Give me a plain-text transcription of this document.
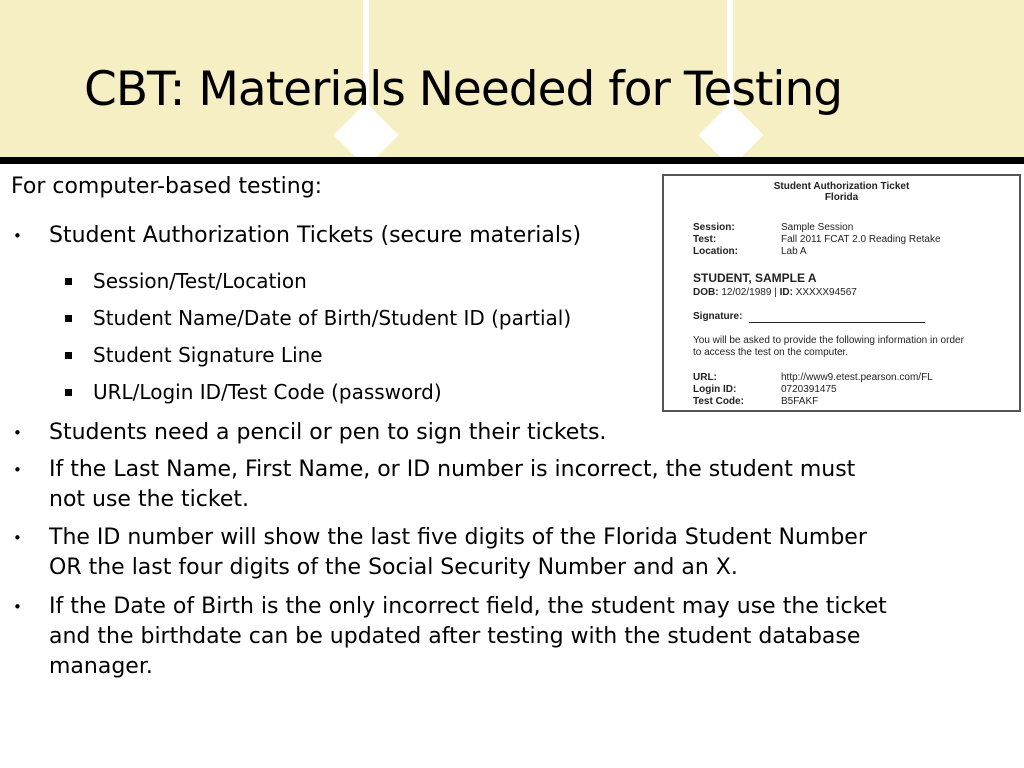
CBT: Materials Needed for Testing
For computer-based testing:
• Student Authorization Tickets (secure materials)
Session/Test/Location
Student Name/Date of Birth/Student ID (partial)
Student Signature Line
URL/Login ID/Test Code (password)
• Students need a pencil or pen to sign their tickets.
• If the Last Name, First Name, or ID number is incorrect, the student must
not use the ticket.
• The ID number will show the last five digits of the Florida Student Number
OR the last four digits of the Social Security Number and an X.
• If the Date of Birth is the only incorrect field, the student may use the ticket
and the birthdate can be updated after testing with the student database
manager.
Student Authorization Ticket
Florida
Session:	Sample Session
Test:	Fall 2011 FCAT 2.0 Reading Retake
Location:	Lab A
STUDENT, SAMPLE A
DOB: 12/02/1989 | ID: XXXXX94567
Signature:
You will be asked to provide the following information in order
to access the test on the computer.
URL:	http://www9.etest.pearson.com/FL
Login ID:	0720391475
Test Code:	B5FAKF
